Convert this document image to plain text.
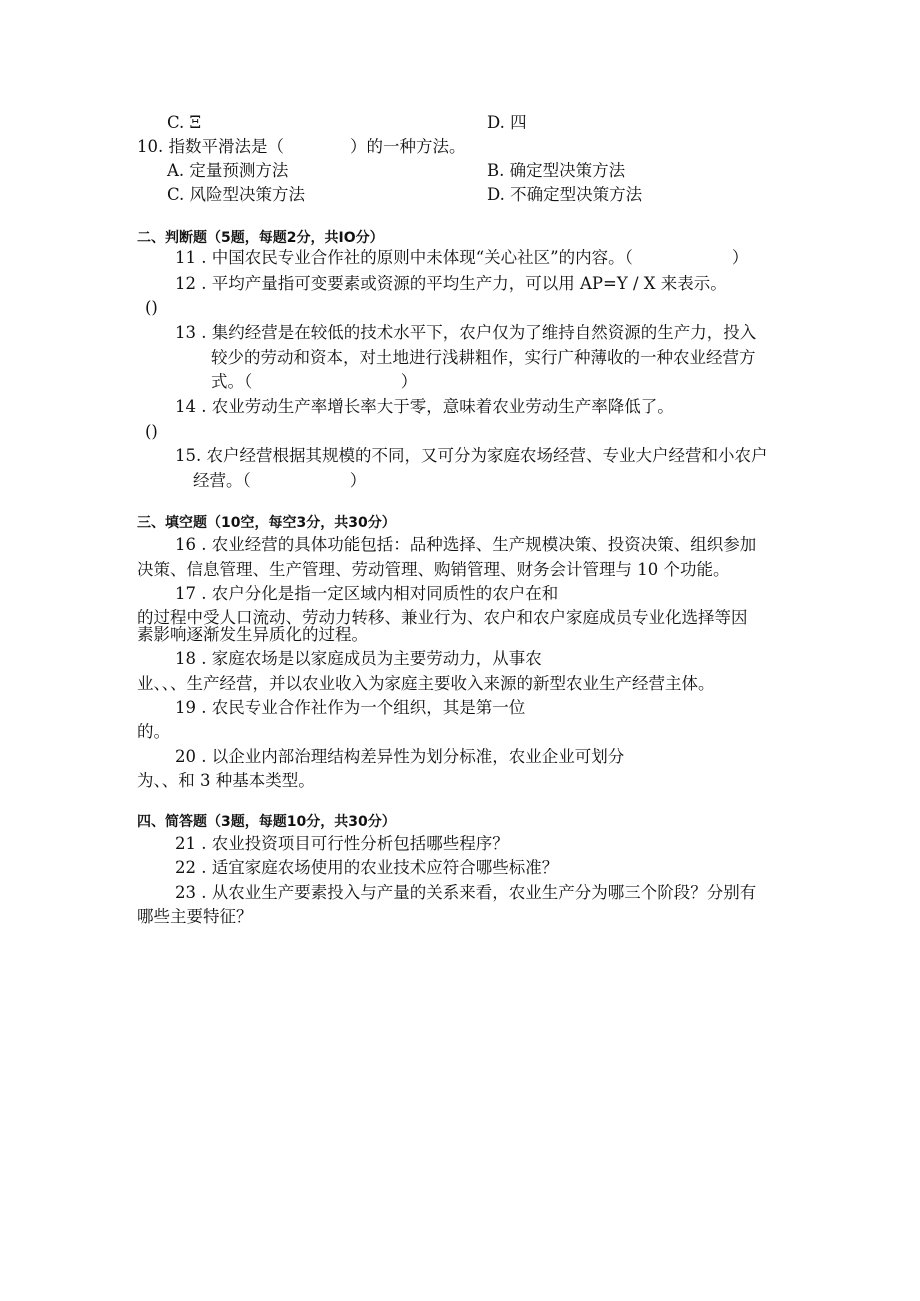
C. Ξ	D. 四
10. 指数平滑法是（　　　　）的一种方法。
A. 定量预测方法	B. 确定型决策方法
C. 风险型决策方法	D. 不确定型决策方法
二、判断题（5题，每题2分，共IO分）
11 . 中国农民专业合作社的原则中未体现“关心社区”的内容。（　　　　　　）
12 . 平均产量指可变要素或资源的平均生产力，可以用 AP=Y / X 来表示。
()
13 . 集约经营是在较低的技术水平下，农户仅为了维持自然资源的生产力，投入
较少的劳动和资本，对土地进行浅耕粗作，实行广种薄收的一种农业经营方
式。（　　　　　　　　　）
14 . 农业劳动生产率增长率大于零，意味着农业劳动生产率降低了。
()
15. 农户经营根据其规模的不同，又可分为家庭农场经营、专业大户经营和小农户
经营。（　　　　　　）
三、填空题（10空，每空3分，共30分）
16 . 农业经营的具体功能包括：品种选择、生产规模决策、投资决策、组织参加
决策、信息管理、生产管理、劳动管理、购销管理、财务会计管理与 10 个功能。
17 . 农户分化是指一定区域内相对同质性的农户在和
的过程中受人口流动、劳动力转移、兼业行为、农户和农户家庭成员专业化选择等因
素影响逐渐发生异质化的过程。
18 . 家庭农场是以家庭成员为主要劳动力，从事农
业、、、生产经营，并以农业收入为家庭主要收入来源的新型农业生产经营主体。
19 . 农民专业合作社作为一个组织，其是第一位
的。
20 . 以企业内部治理结构差异性为划分标准，农业企业可划分
为、、和 3 种基本类型。
四、简答题（3题，每题10分，共30分）
21 . 农业投资项目可行性分析包括哪些程序？
22 . 适宜家庭农场使用的农业技术应符合哪些标准？
23 . 从农业生产要素投入与产量的关系来看，农业生产分为哪三个阶段？分别有
哪些主要特征？
